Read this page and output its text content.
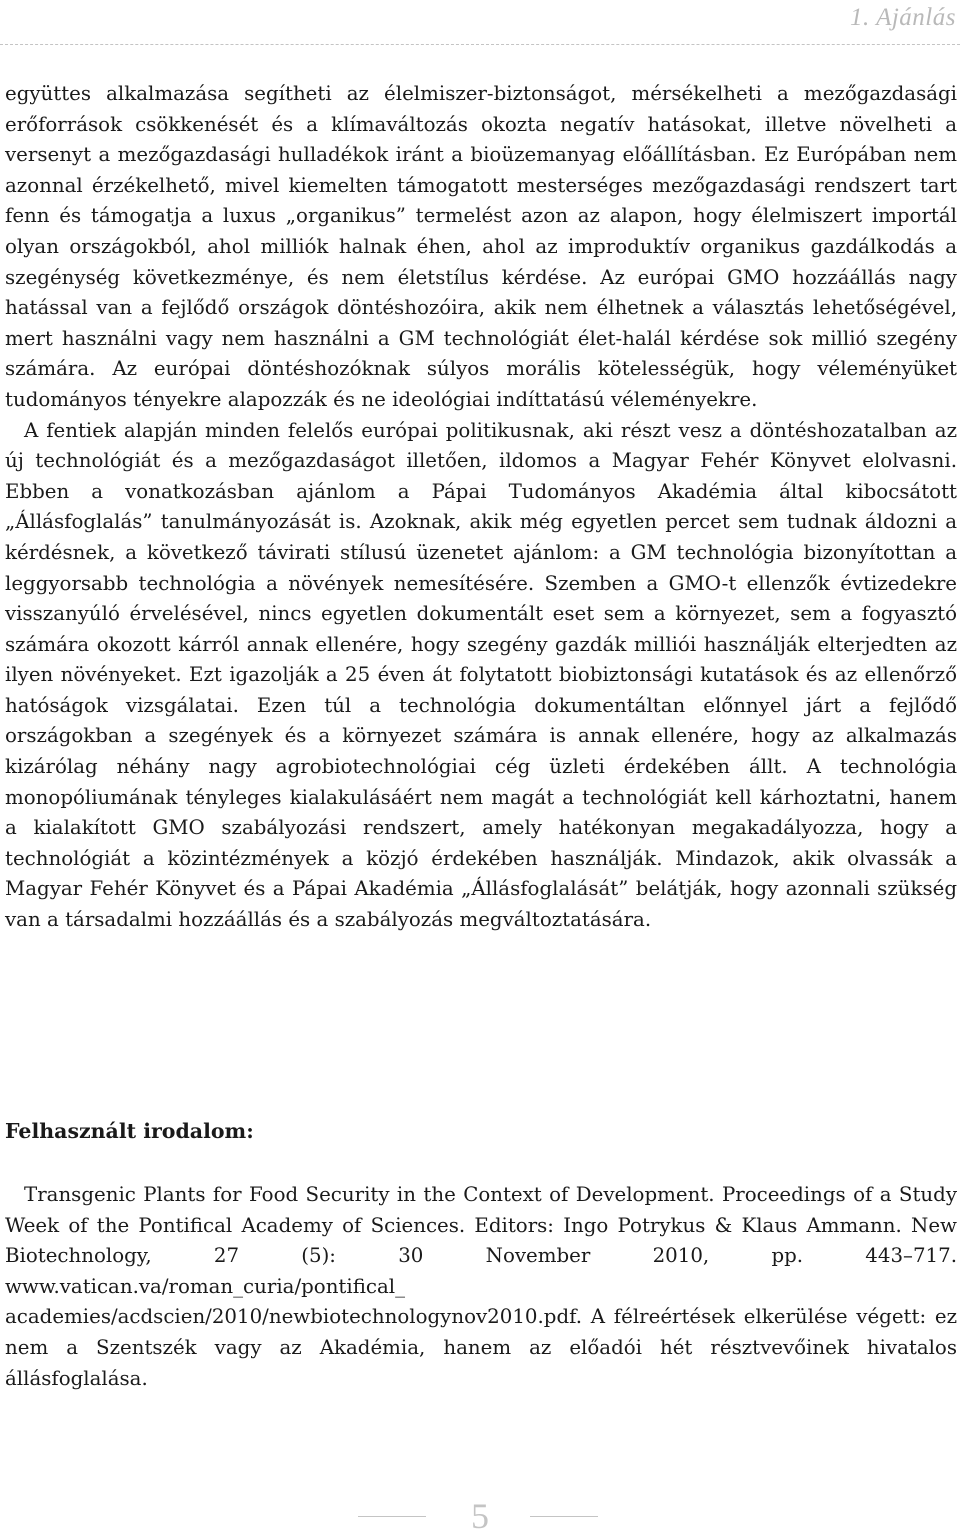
1. Ajánlás

együttes alkalmazása segítheti az élelmiszer-biztonságot, mérsékelheti a mezőgazdasági erőforrások csökkenését és a klímaváltozás okozta negatív hatásokat, illetve növelheti a versenyt a mezőgazdasági hulladékok iránt a bioüzemanyag előállításban. Ez Európában nem azonnal érzékelhető, mivel kiemelten támogatott mesterséges mezőgazdasági rendszert tart fenn és támogatja a luxus „organikus” termelést azon az alapon, hogy élelmiszert importál olyan országokból, ahol milliók halnak éhen, ahol az improduktív organikus gazdálkodás a szegénység következménye, és nem életstílus kérdése. Az európai GMO hozzáállás nagy hatással van a fejlődő országok döntéshozóira, akik nem élhetnek a választás lehetőségével, mert használni vagy nem használni a GM technológiát élet-halál kérdése sok millió szegény számára. Az európai döntéshozóknak súlyos morális kötelességük, hogy véleményüket tudományos tényekre alapozzák és ne ideológiai indíttatású véleményekre.

A fentiek alapján minden felelős európai politikusnak, aki részt vesz a döntéshozatalban az új technológiát és a mezőgazdaságot illetően, ildomos a Magyar Fehér Könyvet elolvasni. Ebben a vonatkozásban ajánlom a Pápai Tudományos Akadémia által kibocsátott „Állásfoglalás” tanulmányozását is. Azoknak, akik még egyetlen percet sem tudnak áldozni a kérdésnek, a következő távirati stílusú üzenetet ajánlom: a GM technológia bizonyítottan a leggyorsabb technológia a növények nemesítésére. Szemben a GMO-t ellenzők évtizedekre visszanyúló érvelésével, nincs egyetlen dokumentált eset sem a környezet, sem a fogyasztó számára okozott kárról annak ellenére, hogy szegény gazdák milliói használják elterjedten az ilyen növényeket. Ezt igazolják a 25 éven át folytatott biobiztonsági kutatások és az ellenőrző hatóságok vizsgálatai. Ezen túl a technológia dokumentáltan előnnyel járt a fejlődő országokban a szegények és a környezet számára is annak ellenére, hogy az alkalmazás kizárólag néhány nagy agrobiotechnológiai cég üzleti érdekében állt. A technológia monopóliumának tényleges kialakulásáért nem magát a technológiát kell kárhoztatni, hanem a kialakított GMO szabályozási rendszert, amely hatékonyan megakadályozza, hogy a technológiát a közintézmények a közjó érdekében használják. Mindazok, akik olvassák a Magyar Fehér Könyvet és a Pápai Akadémia „Állásfoglalását” belátják, hogy azonnali szükség van a társadalmi hozzáállás és a szabályozás megváltoztatására.

Felhasznált irodalom:

Transgenic Plants for Food Security in the Context of Development. Proceedings of a Study Week of the Pontifical Academy of Sciences. Editors: Ingo Potrykus & Klaus Ammann. New Biotechnology, 27 (5): 30 November 2010, pp. 443–717. www.vatican.va/roman_curia/pontifical_ academies/acdscien/2010/newbiotechnologynov2010.pdf. A félreértések elkerülése végett: ez nem a Szentszék vagy az Akadémia, hanem az előadói hét résztvevőinek hivatalos állásfoglalása.

5
